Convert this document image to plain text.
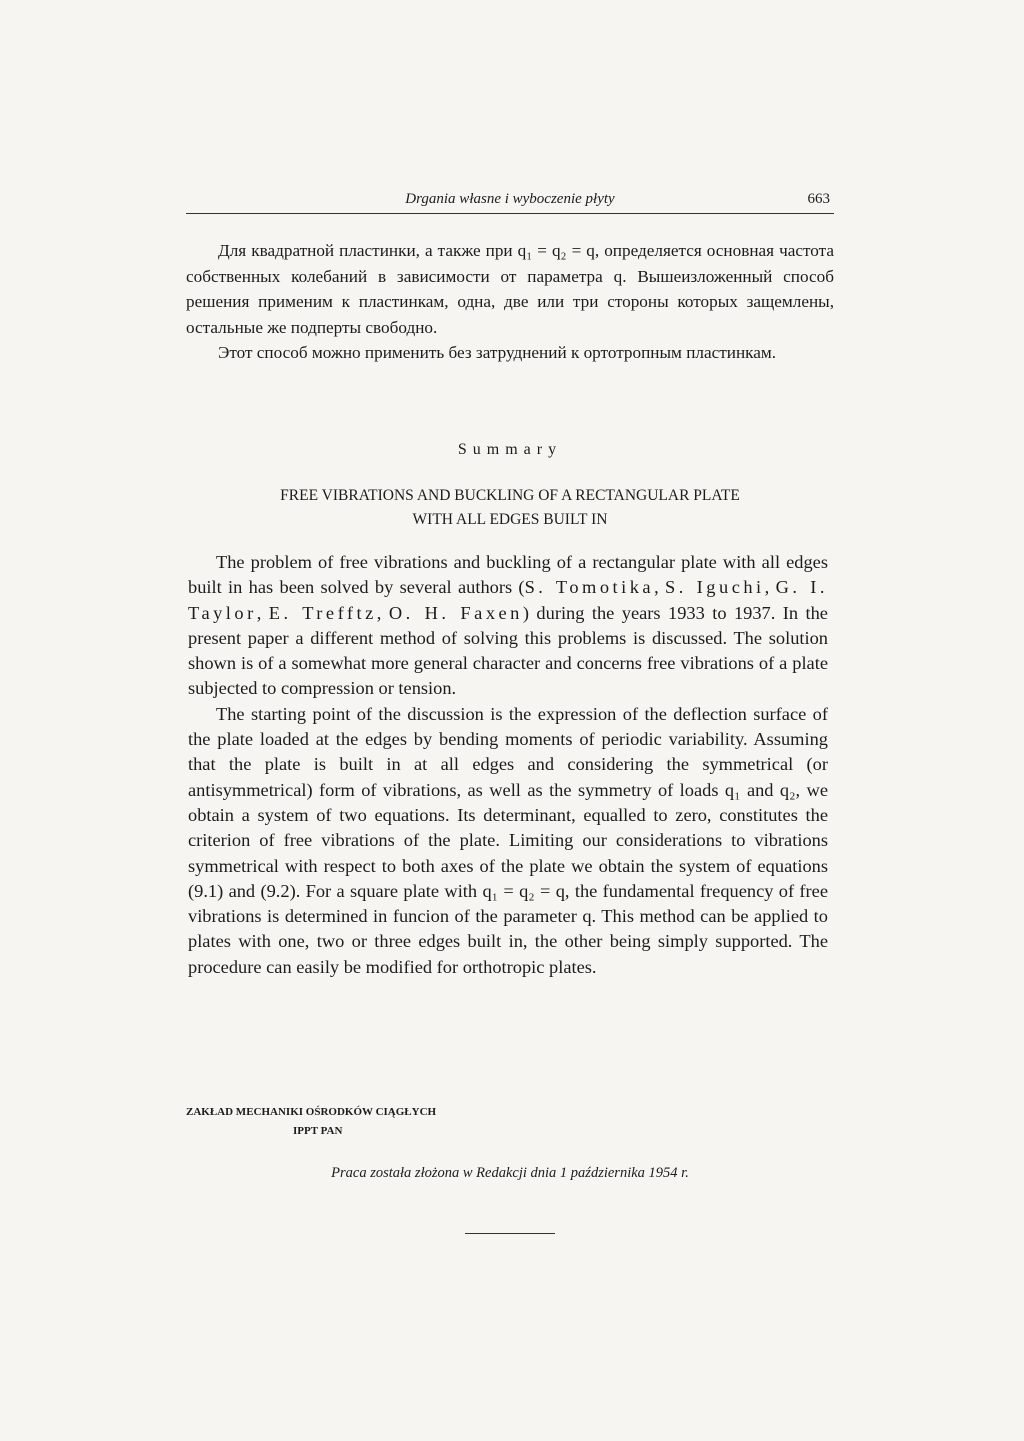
Drgania własne i wyboczenie płyty	663

Для квадратной пластинки, а также при q₁ = q₂ = q, определяется основная частота собственных колебаний в зависимости от параметра q. Вышеизложенный способ решения применим к пластинкам, одна, две или три стороны которых защемлены, остальные же подперты свободно.

Этот способ можно применить без затруднений к ортотропным пластинкам.

Summary
FREE VIBRATIONS AND BUCKLING OF A RECTANGULAR PLATE
WITH ALL EDGES BUILT IN

The problem of free vibrations and buckling of a rectangular plate with all edges built in has been solved by several authors (S. Tomotika, S. Iguchi, G. I. Taylor, E. Trefftz, O. H. Faxen) during the years 1933 to 1937. In the present paper a different method of solving this problems is discussed. The solution shown is of a somewhat more general character and concerns free vibrations of a plate subjected to compression or tension.

The starting point of the discussion is the expression of the deflection surface of the plate loaded at the edges by bending moments of periodic variability. Assuming that the plate is built in at all edges and considering the symmetrical (or antisymmetrical) form of vibrations, as well as the symmetry of loads q₁ and q₂, we obtain a system of two equations. Its determinant, equalled to zero, constitutes the criterion of free vibrations of the plate. Limiting our considerations to vibrations symmetrical with respect to both axes of the plate we obtain the system of equations (9.1) and (9.2). For a square plate with q₁ = q₂ = q, the fundamental frequency of free vibrations is determined in funcion of the parameter q. This method can be applied to plates with one, two or three edges built in, the other being simply supported. The procedure can easily be modified for orthotropic plates.

ZAKŁAD MECHANIKI OŚRODKÓW CIĄGŁYCH
IPPT PAN
Praca została złożona w Redakcji dnia 1 października 1954 r.
